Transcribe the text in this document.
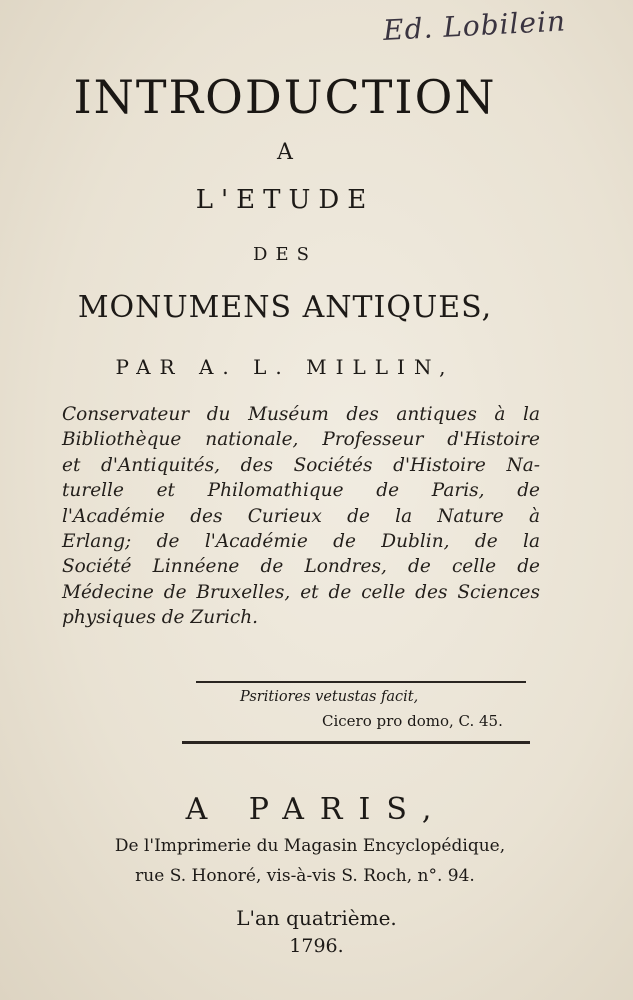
Ed. Lobilein
INTRODUCTION
A
L'ETUDE
DES
MONUMENS ANTIQUES,
PAR A. L. MILLIN,
Conservateur du Muséum des antiques à la
Bibliothèque nationale, Professeur d'Histoire
et d'Antiquités, des Sociétés d'Histoire Na-
turelle et Philomathique de Paris, de
l'Académie des Curieux de la Nature à
Erlang; de l'Académie de Dublin, de la
Société Linnéene de Londres, de celle de
Médecine de Bruxelles, et de celle des Sciences
physiques de Zurich.
Psritiores vetustas facit,
Cicero pro domo, C. 45.
A PARIS,
De l'Imprimerie du Magasin Encyclopédique,
rue S. Honoré, vis-à-vis S. Roch, n°. 94.
L'an quatrième.
1796.
